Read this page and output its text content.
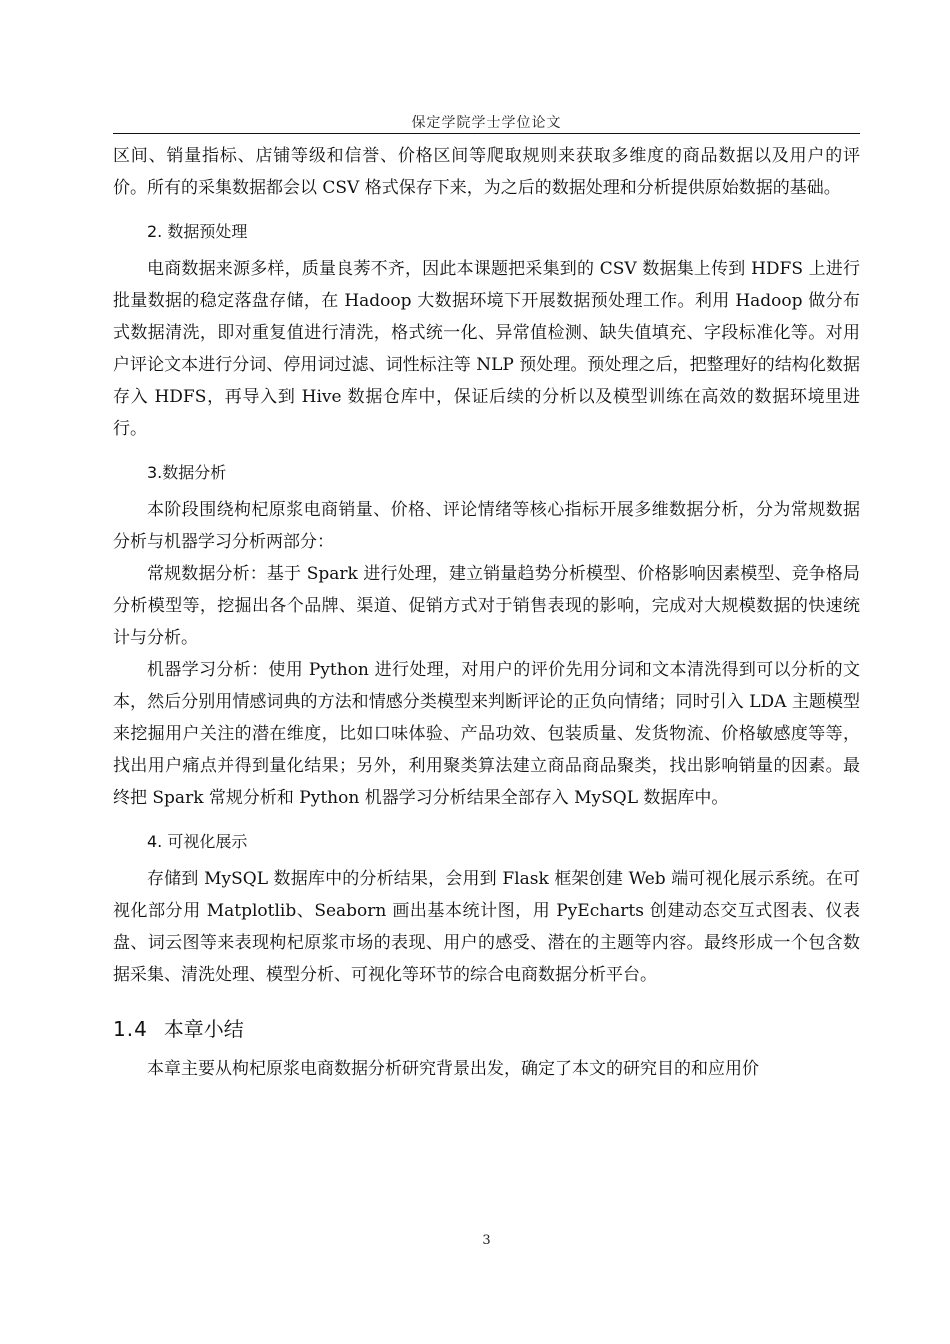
保定学院学士学位论文

区间、销量指标、店铺等级和信誉、价格区间等爬取规则来获取多维度的商品数据以及用户的评价。所有的采集数据都会以 CSV 格式保存下来，为之后的数据处理和分析提供原始数据的基础。

2. 数据预处理

电商数据来源多样，质量良莠不齐，因此本课题把采集到的 CSV 数据集上传到 HDFS 上进行批量数据的稳定落盘存储，在 Hadoop 大数据环境下开展数据预处理工作。利用 Hadoop 做分布式数据清洗，即对重复值进行清洗，格式统一化、异常值检测、缺失值填充、字段标准化等。对用户评论文本进行分词、停用词过滤、词性标注等 NLP 预处理。预处理之后，把整理好的结构化数据存入 HDFS，再导入到 Hive 数据仓库中，保证后续的分析以及模型训练在高效的数据环境里进行。

3.数据分析

本阶段围绕枸杞原浆电商销量、价格、评论情绪等核心指标开展多维数据分析，分为常规数据分析与机器学习分析两部分：

常规数据分析：基于 Spark 进行处理，建立销量趋势分析模型、价格影响因素模型、竞争格局分析模型等，挖掘出各个品牌、渠道、促销方式对于销售表现的影响，完成对大规模数据的快速统计与分析。

机器学习分析：使用 Python 进行处理，对用户的评价先用分词和文本清洗得到可以分析的文本，然后分别用情感词典的方法和情感分类模型来判断评论的正负向情绪；同时引入 LDA 主题模型来挖掘用户关注的潜在维度，比如口味体验、产品功效、包装质量、发货物流、价格敏感度等等，找出用户痛点并得到量化结果；另外，利用聚类算法建立商品商品聚类，找出影响销量的因素。最终把 Spark 常规分析和 Python 机器学习分析结果全部存入 MySQL 数据库中。

4. 可视化展示

存储到 MySQL 数据库中的分析结果，会用到 Flask 框架创建 Web 端可视化展示系统。在可视化部分用 Matplotlib、Seaborn 画出基本统计图，用 PyEcharts 创建动态交互式图表、仪表盘、词云图等来表现枸杞原浆市场的表现、用户的感受、潜在的主题等内容。最终形成一个包含数据采集、清洗处理、模型分析、可视化等环节的综合电商数据分析平台。

1.4 本章小结

本章主要从枸杞原浆电商数据分析研究背景出发，确定了本文的研究目的和应用价

3
